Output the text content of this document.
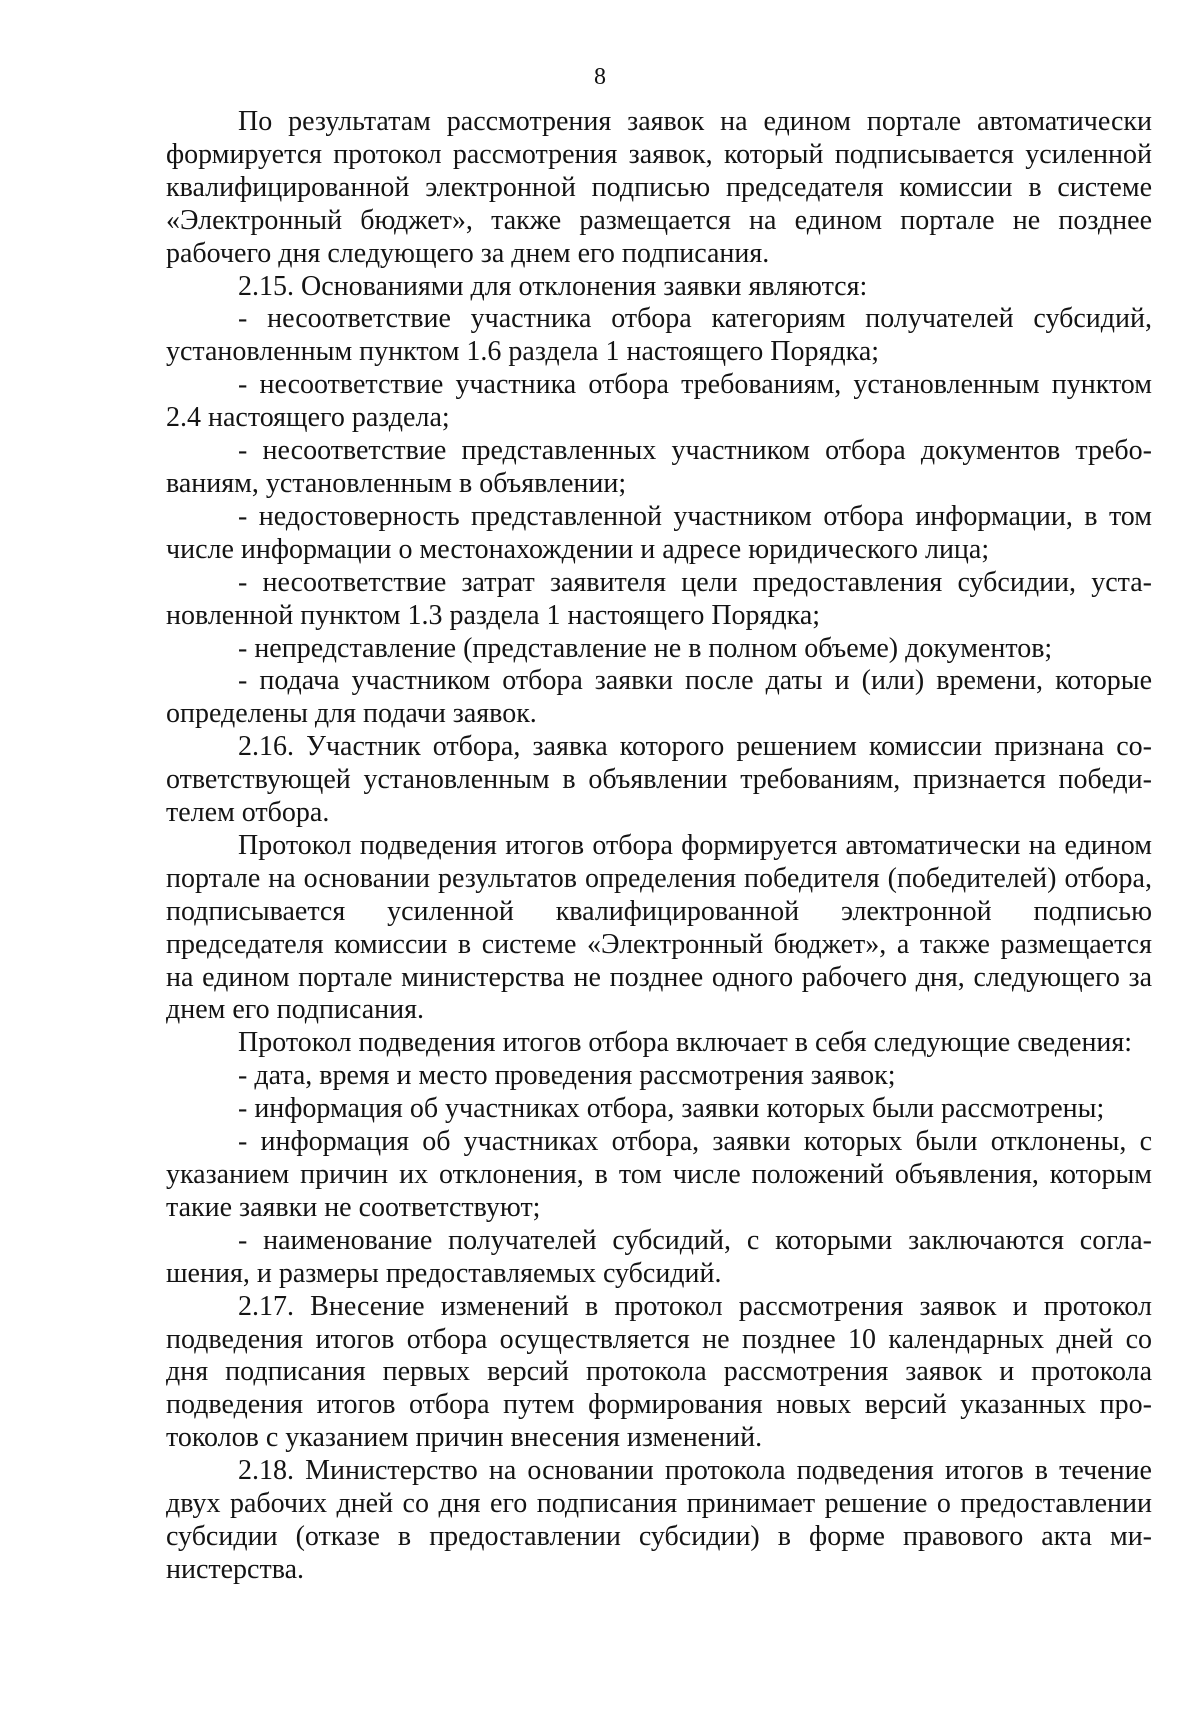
8

По результатам рассмотрения заявок на едином портале автоматически формируется протокол рассмотрения заявок, который подписывается усиленной квалифицированной электронной подписью председателя комиссии в системе «Электронный бюджет», также размещается на едином портале не позднее рабочего дня следующего за днем его подписания.

2.15. Основаниями для отклонения заявки являются:

- несоответствие участника отбора категориям получателей субсидий, установленным пунктом 1.6 раздела 1 настоящего Порядка;

- несоответствие участника отбора требованиям, установленным пунктом 2.4 настоящего раздела;

- несоответствие представленных участником отбора документов требованиям, установленным в объявлении;

- недостоверность представленной участником отбора информации, в том числе информации о местонахождении и адресе юридического лица;

- несоответствие затрат заявителя цели предоставления субсидии, установленной пунктом 1.3 раздела 1 настоящего Порядка;

- непредставление (представление не в полном объеме) документов;

- подача участником отбора заявки после даты и (или) времени, которые определены для подачи заявок.

2.16. Участник отбора, заявка которого решением комиссии признана соответствующей установленным в объявлении требованиям, признается победителем отбора.

Протокол подведения итогов отбора формируется автоматически на едином портале на основании результатов определения победителя (победителей) отбора, подписывается усиленной квалифицированной электронной подписью председателя комиссии в системе «Электронный бюджет», а также размещается на едином портале министерства не позднее одного рабочего дня, следующего за днем его подписания.

Протокол подведения итогов отбора включает в себя следующие сведения:

- дата, время и место проведения рассмотрения заявок;

- информация об участниках отбора, заявки которых были рассмотрены;

- информация об участниках отбора, заявки которых были отклонены, с указанием причин их отклонения, в том числе положений объявления, которым такие заявки не соответствуют;

- наименование получателей субсидий, с которыми заключаются соглашения, и размеры предоставляемых субсидий.

2.17. Внесение изменений в протокол рассмотрения заявок и протокол подведения итогов отбора осуществляется не позднее 10 календарных дней со дня подписания первых версий протокола рассмотрения заявок и протокола подведения итогов отбора путем формирования новых версий указанных протоколов с указанием причин внесения изменений.

2.18. Министерство на основании протокола подведения итогов в течение двух рабочих дней со дня его подписания принимает решение о предоставлении субсидии (отказе в предоставлении субсидии) в форме правового акта министерства.
